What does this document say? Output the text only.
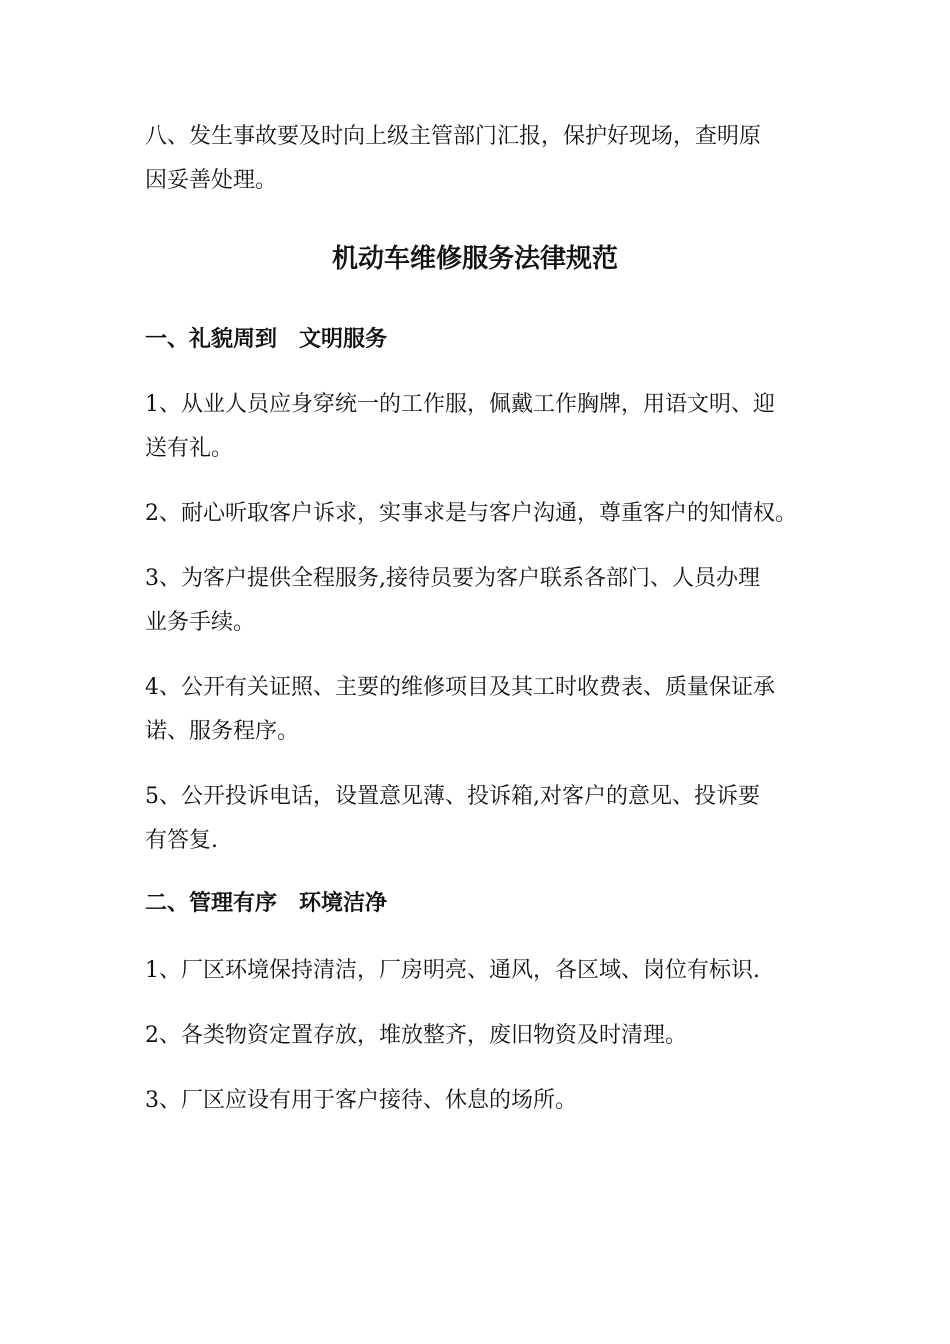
八、发生事故要及时向上级主管部门汇报，保护好现场，查明原
因妥善处理。

机动车维修服务法律规范
一、礼貌周到　文明服务

1、从业人员应身穿统一的工作服，佩戴工作胸牌，用语文明、迎
送有礼。

2、耐心听取客户诉求，实事求是与客户沟通，尊重客户的知情权。

3、为客户提供全程服务,接待员要为客户联系各部门、人员办理
业务手续。

4、公开有关证照、主要的维修项目及其工时收费表、质量保证承
诺、服务程序。

5、公开投诉电话，设置意见薄、投诉箱,对客户的意见、投诉要
有答复.

二、管理有序　环境洁净

1、厂区环境保持清洁，厂房明亮、通风，各区域、岗位有标识.

2、各类物资定置存放，堆放整齐，废旧物资及时清理。

3、厂区应设有用于客户接待、休息的场所。
